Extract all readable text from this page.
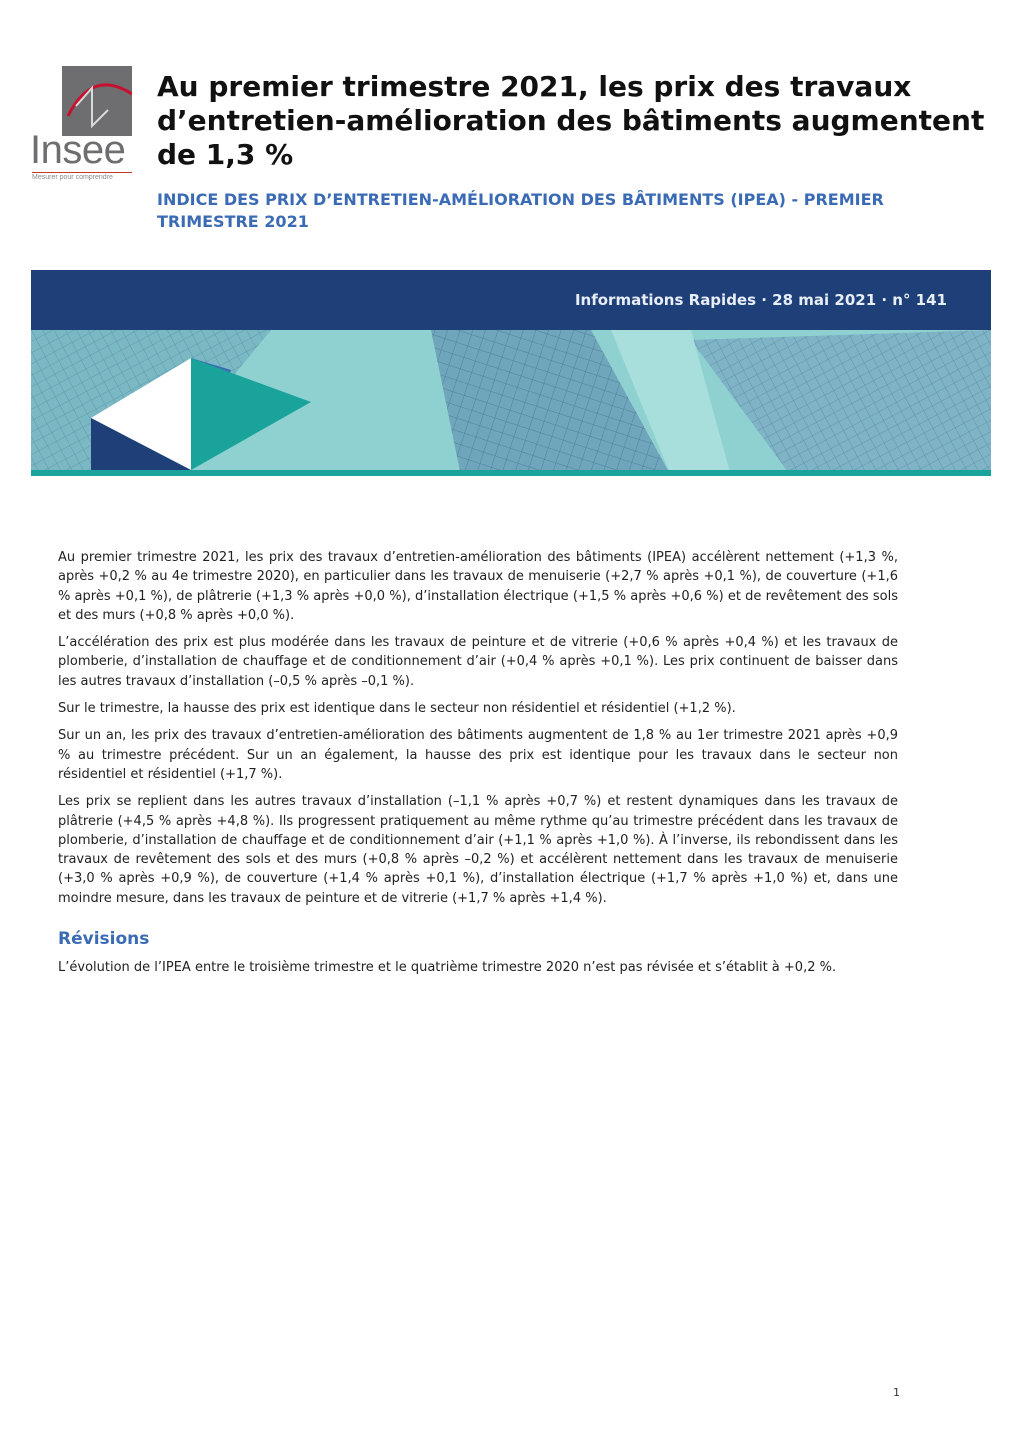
Insee
Mesurer pour comprendre
Au premier trimestre 2021, les prix des travaux d’entretien-amélioration des bâtiments augmentent de 1,3 %
INDICE DES PRIX D’ENTRETIEN-AMÉLIORATION DES BÂTIMENTS (IPEA) - PREMIER TRIMESTRE 2021
Informations Rapides · 28 mai 2021 · n° 141

Au premier trimestre 2021, les prix des travaux d’entretien-amélioration des bâtiments (IPEA) accélèrent nettement (+1,3 %, après +0,2 % au 4e trimestre 2020), en particulier dans les travaux de menuiserie (+2,7 % après +0,1 %), de couverture (+1,6 % après +0,1 %), de plâtrerie (+1,3 % après +0,0 %), d’installation électrique (+1,5 % après +0,6 %) et de revêtement des sols et des murs (+0,8 % après +0,0 %).

L’accélération des prix est plus modérée dans les travaux de peinture et de vitrerie (+0,6 % après +0,4 %) et les travaux de plomberie, d’installation de chauffage et de conditionnement d’air (+0,4 % après +0,1 %). Les prix continuent de baisser dans les autres travaux d’installation (–0,5 % après –0,1 %).

Sur le trimestre, la hausse des prix est identique dans le secteur non résidentiel et résidentiel (+1,2 %).

Sur un an, les prix des travaux d’entretien-amélioration des bâtiments augmentent de 1,8 % au 1er trimestre 2021 après +0,9 % au trimestre précédent. Sur un an également, la hausse des prix est identique pour les travaux dans le secteur non résidentiel et résidentiel (+1,7 %).

Les prix se replient dans les autres travaux d’installation (–1,1 % après +0,7 %) et restent dynamiques dans les travaux de plâtrerie (+4,5 % après +4,8 %). Ils progressent pratiquement au même rythme qu’au trimestre précédent dans les travaux de plomberie, d’installation de chauffage et de conditionnement d’air (+1,1 % après +1,0 %). À l’inverse, ils rebondissent dans les travaux de revêtement des sols et des murs (+0,8 % après –0,2 %) et accélèrent nettement dans les travaux de menuiserie (+3,0 % après +0,9 %), de couverture (+1,4 % après +0,1 %), d’installation électrique (+1,7 % après +1,0 %) et, dans une moindre mesure, dans les travaux de peinture et de vitrerie (+1,7 % après +1,4 %).

Révisions

L’évolution de l’IPEA entre le troisième trimestre et le quatrième trimestre 2020 n’est pas révisée et s’établit à +0,2 %.

1
